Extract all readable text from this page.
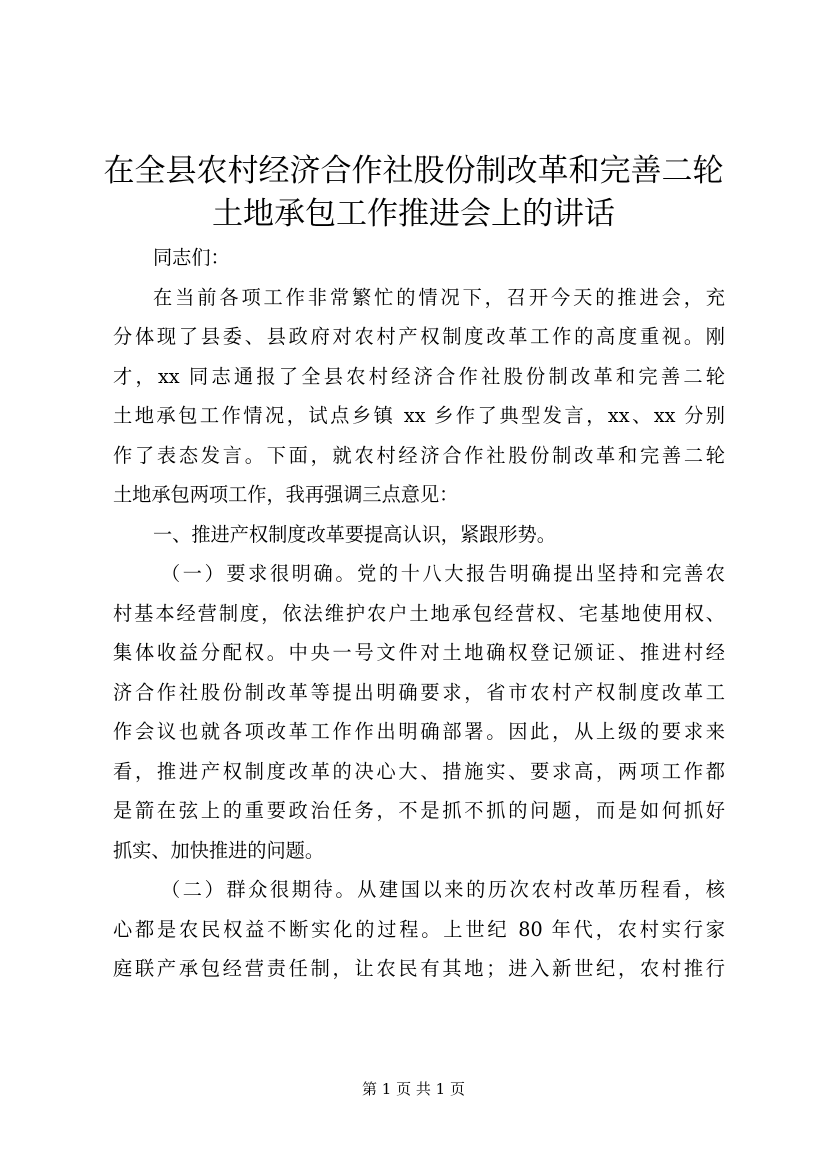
在全县农村经济合作社股份制改革和完善二轮
土地承包工作推进会上的讲话
同志们：
在当前各项工作非常繁忙的情况下，召开今天的推进会，充
分体现了县委、县政府对农村产权制度改革工作的高度重视。刚
才，xx 同志通报了全县农村经济合作社股份制改革和完善二轮
土地承包工作情况，试点乡镇 xx 乡作了典型发言，xx、xx 分别
作了表态发言。下面，就农村经济合作社股份制改革和完善二轮
土地承包两项工作，我再强调三点意见：
一、推进产权制度改革要提高认识，紧跟形势。
（一）要求很明确。党的十八大报告明确提出坚持和完善农
村基本经营制度，依法维护农户土地承包经营权、宅基地使用权、
集体收益分配权。中央一号文件对土地确权登记颁证、推进村经
济合作社股份制改革等提出明确要求，省市农村产权制度改革工
作会议也就各项改革工作作出明确部署。因此，从上级的要求来
看，推进产权制度改革的决心大、措施实、要求高，两项工作都
是箭在弦上的重要政治任务，不是抓不抓的问题，而是如何抓好
抓实、加快推进的问题。
（二）群众很期待。从建国以来的历次农村改革历程看，核
心都是农民权益不断实化的过程。上世纪 80 年代，农村实行家
庭联产承包经营责任制，让农民有其地；进入新世纪，农村推行
第 1 页 共 1 页
